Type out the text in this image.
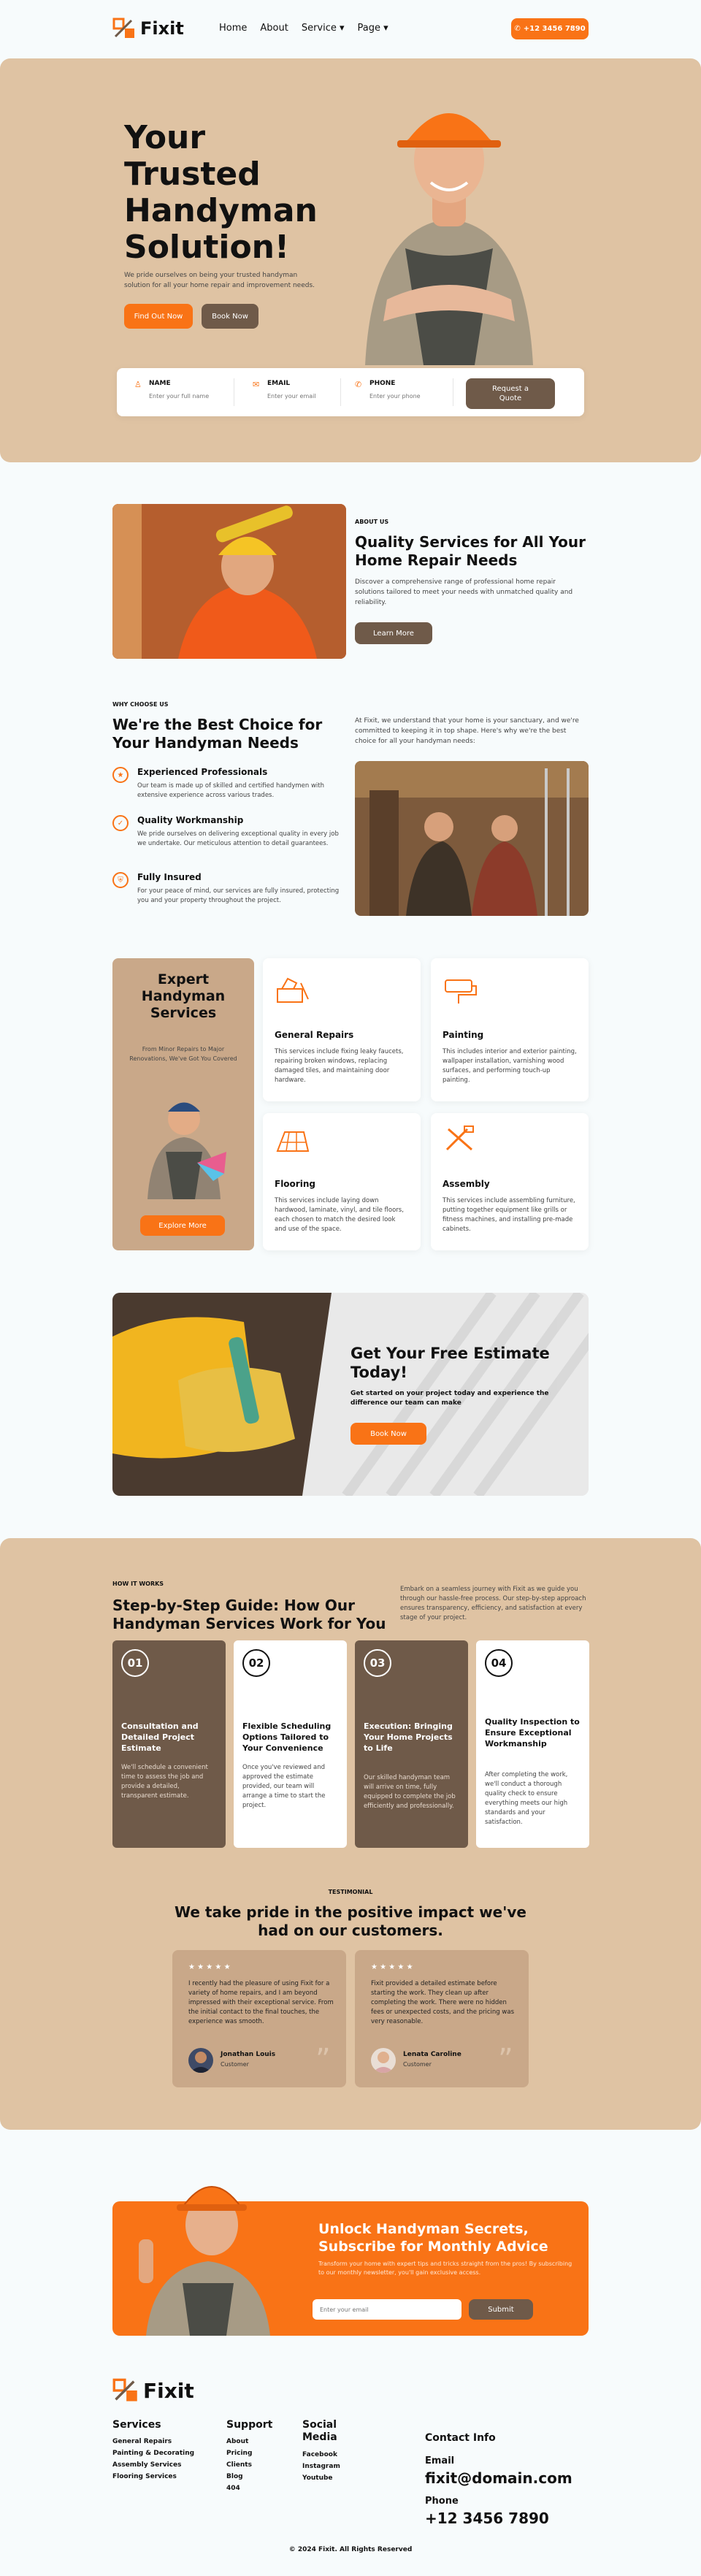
Fixit	Home About Service ▾ Page ▾	✆ +12 3456 7890
Your
Trusted
Handyman
Solution!
We pride ourselves on being your trusted handyman solution for all your home repair and improvement needs.
Find Out Now	Book Now
♙ NAME
Enter your full name	✉ EMAIL
Enter your email	✆ PHONE
Enter your phone
Request a Quote
ABOUT US
Quality Services for All Your Home Repair Needs
Discover a comprehensive range of professional home repair solutions tailored to meet your needs with unmatched quality and reliability.
Learn More
WHY CHOOSE US
We're the Best Choice for Your Handyman Needs
At Fixit, we understand that your home is your sanctuary, and we're committed to keeping it in top shape. Here's why we're the best choice for all your handyman needs:
★	Experienced Professionals
Our team is made up of skilled and certified handymen with extensive experience across various trades.
✓	Quality Workmanship
We pride ourselves on delivering exceptional quality in every job we undertake. Our meticulous attention to detail guarantees.
⛨	Fully Insured
For your peace of mind, our services are fully insured, protecting you and your property throughout the project.
Expert Handyman Services
From Minor Repairs to Major Renovations, We've Got You Covered
Explore More
General Repairs
This services include fixing leaky faucets, repairing broken windows, replacing damaged tiles, and maintaining door hardware.
Painting
This includes interior and exterior painting, wallpaper installation, varnishing wood surfaces, and performing touch-up painting.
Flooring
This services include laying down hardwood, laminate, vinyl, and tile floors, each chosen to match the desired look and use of the space.
Assembly
This services include assembling furniture, putting together equipment like grills or fitness machines, and installing pre-made cabinets.
Get Your Free Estimate Today!
Get started on your project today and experience the difference our team can make
Book Now
HOW IT WORKS
Step-by-Step Guide: How Our Handyman Services Work for You
Embark on a seamless journey with Fixit as we guide you through our hassle-free process. Our step-by-step approach ensures transparency, efficiency, and satisfaction at every stage of your project.
01
Consultation and Detailed Project Estimate
We'll schedule a convenient time to assess the job and provide a detailed, transparent estimate.
02
Flexible Scheduling Options Tailored to Your Convenience
Once you've reviewed and approved the estimate provided, our team will arrange a time to start the project.
03
Execution: Bringing Your Home Projects to Life
Our skilled handyman team will arrive on time, fully equipped to complete the job efficiently and professionally.
04
Quality Inspection to Ensure Exceptional Workmanship
After completing the work, we'll conduct a thorough quality check to ensure everything meets our high standards and your satisfaction.
TESTIMONIAL
We take pride in the positive impact we've had on our customers.
★ ★ ★ ★ ★
I recently had the pleasure of using Fixit for a variety of home repairs, and I am beyond impressed with their exceptional service. From the initial contact to the final touches, the experience was smooth.
Jonathan Louis
Customer ”
★ ★ ★ ★ ★
Fixit provided a detailed estimate before starting the work. They clean up after completing the work. There were no hidden fees or unexpected costs, and the pricing was very reasonable.
Lenata Caroline
Customer ”
Unlock Handyman Secrets, Subscribe for Monthly Advice
Transform your home with expert tips and tricks straight from the pros! By subscribing to our monthly newsletter, you'll gain exclusive access.
Enter your email
Submit
Fixit
Services
General Repairs
Painting & Decorating
Assembly Services
Flooring Services
Support
About
Pricing
Clients
Blog
404
Social Media
Facebook
Instagram
Youtube
Contact Info
Email
fixit@domain.com
Phone
+12 3456 7890
© 2024 Fixit. All Rights Reserved
